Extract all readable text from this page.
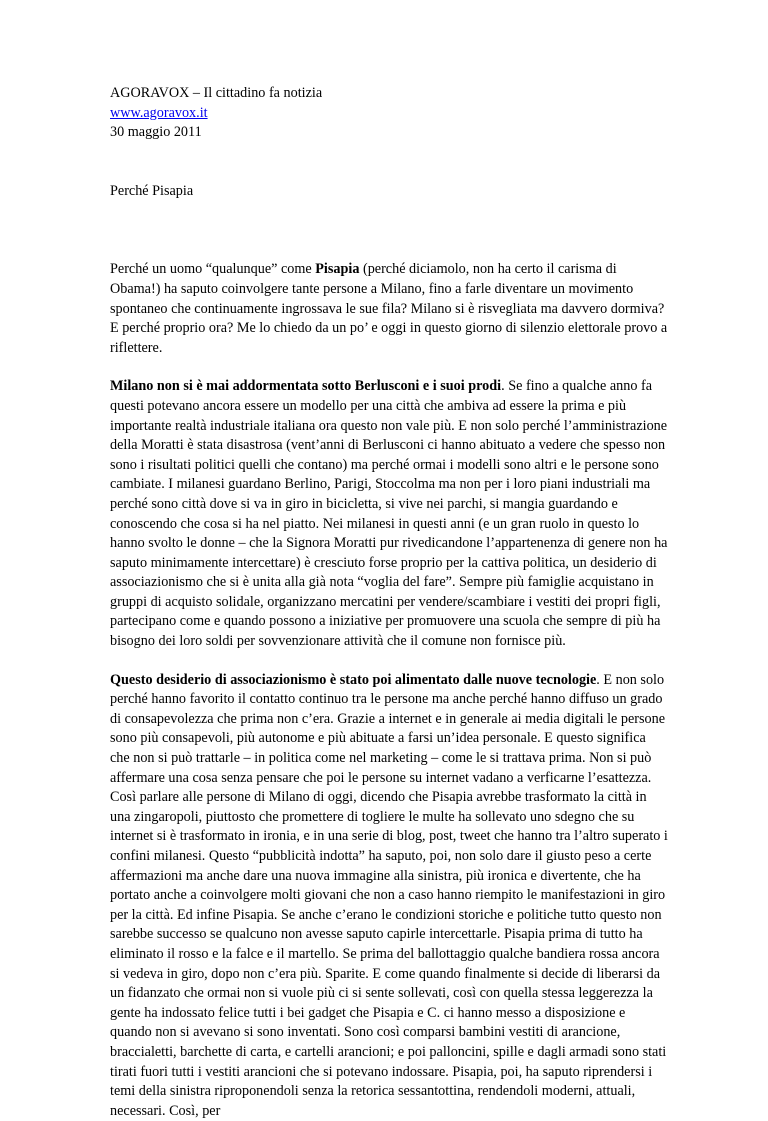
AGORAVOX – Il cittadino fa notizia
www.agoravox.it
30 maggio 2011
Perché Pisapia

Perché un uomo “qualunque” come Pisapia (perché diciamolo, non ha certo il carisma di Obama!) ha saputo coinvolgere tante persone a Milano, fino a farle diventare un movimento spontaneo che continuamente ingrossava le sue fila? Milano si è risvegliata ma davvero dormiva? E perché proprio ora? Me lo chiedo da un po’ e oggi in questo giorno di silenzio elettorale provo a riflettere.

Milano non si è mai addormentata sotto Berlusconi e i suoi prodi. Se fino a qualche anno fa questi potevano ancora essere un modello per una città che ambiva ad essere la prima e più importante realtà industriale italiana ora questo non vale più. E non solo perché l’amministrazione della Moratti è stata disastrosa (vent’anni di Berlusconi ci hanno abituato a vedere che spesso non sono i risultati politici quelli che contano) ma perché ormai i modelli sono altri e le persone sono cambiate. I milanesi guardano Berlino, Parigi, Stoccolma ma non per i loro piani industriali ma perché sono città dove si va in giro in bicicletta, si vive nei parchi, si mangia guardando e conoscendo che cosa si ha nel piatto. Nei milanesi in questi anni (e un gran ruolo in questo lo hanno svolto le donne – che la Signora Moratti pur rivedicandone l’appartenenza di genere non ha saputo minimamente intercettare) è cresciuto forse proprio per la cattiva politica, un desiderio di associazionismo che si è unita alla già nota “voglia del fare”. Sempre più famiglie acquistano in gruppi di acquisto solidale, organizzano mercatini per vendere/scambiare i vestiti dei propri figli, partecipano come e quando possono a iniziative per promuovere una scuola che sempre di più ha bisogno dei loro soldi per sovvenzionare attività che il comune non fornisce più.

Questo desiderio di associazionismo è stato poi alimentato dalle nuove tecnologie. E non solo perché hanno favorito il contatto continuo tra le persone ma anche perché hanno diffuso un grado di consapevolezza che prima non c’era. Grazie a internet e in generale ai media digitali le persone sono più consapevoli, più autonome e più abituate a farsi un’idea personale. E questo significa che non si può trattarle – in politica come nel marketing – come le si trattava prima. Non si può affermare una cosa senza pensare che poi le persone su internet vadano a verficarne l’esattezza. Così parlare alle persone di Milano di oggi, dicendo che Pisapia avrebbe trasformato la città in una zingaropoli, piuttosto che promettere di togliere le multe ha sollevato uno sdegno che su internet si è trasformato in ironia, e in una serie di blog, post, tweet che hanno tra l’altro superato i confini milanesi. Questo “pubblicità indotta” ha saputo, poi, non solo dare il giusto peso a certe affermazioni ma anche dare una nuova immagine alla sinistra, più ironica e divertente, che ha portato anche a coinvolgere molti giovani che non a caso hanno riempito le manifestazioni in giro per la città. Ed infine Pisapia. Se anche c’erano le condizioni storiche e politiche tutto questo non sarebbe successo se qualcuno non avesse saputo capirle intercettarle. Pisapia prima di tutto ha eliminato il rosso e la falce e il martello. Se prima del ballottaggio qualche bandiera rossa ancora si vedeva in giro, dopo non c’era più. Sparite. E come quando finalmente si decide di liberarsi da un fidanzato che ormai non si vuole più ci si sente sollevati, così con quella stessa leggerezza la gente ha indossato felice tutti i bei gadget che Pisapia e C. ci hanno messo a disposizione e quando non si avevano si sono inventati. Sono così comparsi bambini vestiti di arancione, braccialetti, barchette di carta, e cartelli arancioni; e poi palloncini, spille e dagli armadi sono stati tirati fuori tutti i vestiti arancioni che si potevano indossare. Pisapia, poi, ha saputo riprendersi i temi della sinistra riproponendoli senza la retorica sessantottina, rendendoli moderni, attuali, necessari. Così, per
